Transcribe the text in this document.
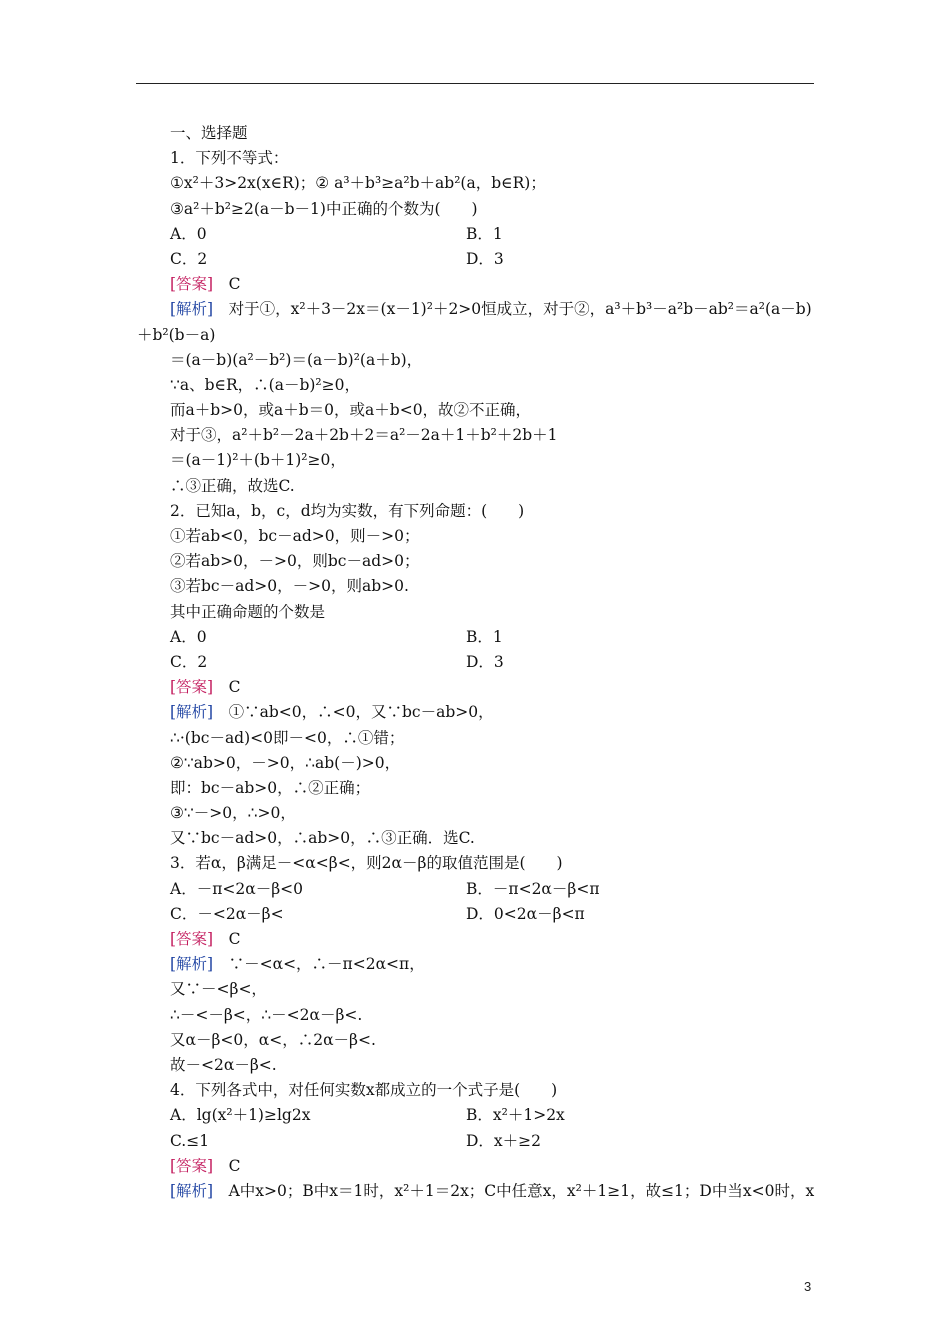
一、选择题
1．下列不等式：
①x²＋3>2x(x∈R)；② a³＋b³≥a²b＋ab²(a，b∈R)；
③a²＋b²≥2(a－b－1)中正确的个数为(　　)
A．0	B．1
C．2	D．3
[答案]　C
[解析]　对于①，x²＋3－2x＝(x－1)²＋2>0恒成立，对于②，a³＋b³－a²b－ab²＝a²(a－b)
＋b²(b－a)
＝(a－b)(a²－b²)＝(a－b)²(a＋b)，
∵a、b∈R，∴(a－b)²≥0，
而a＋b>0，或a＋b＝0，或a＋b<0，故②不正确，
对于③，a²＋b²－2a＋2b＋2＝a²－2a＋1＋b²＋2b＋1
＝(a－1)²＋(b＋1)²≥0，
∴③正确，故选C.
2．已知a，b，c，d均为实数，有下列命题：(　　)
①若ab<0，bc－ad>0，则－>0；
②若ab>0，－>0，则bc－ad>0；
③若bc－ad>0，－>0，则ab>0.
其中正确命题的个数是
A．0	B．1
C．2	D．3
[答案]　C
[解析]　①∵ab<0，∴<0，又∵bc－ab>0，
∴·(bc－ad)<0即－<0，∴①错；
②∵ab>0，－>0，∴ab(－)>0，
即：bc－ab>0，∴②正确；
③∵－>0，∴>0，
又∵bc－ad>0，∴ab>0，∴③正确．选C.
3．若α，β满足－<α<β<，则2α－β的取值范围是(　　)
A．－π<2α－β<0	B．－π<2α－β<π
C．－<2α－β<	D．0<2α－β<π
[答案]　C
[解析]　∵－<α<，∴－π<2α<π，
又∵－<β<，
∴－<－β<，∴－<2α－β<.
又α－β<0，α<，∴2α－β<.
故－<2α－β<.
4．下列各式中，对任何实数x都成立的一个式子是(　　)
A．lg(x²＋1)≥lg2x	B．x²＋1>2x
C.≤1	D．x＋≥2
[答案]　C
[解析]　A中x>0；B中x＝1时，x²＋1＝2x；C中任意x，x²＋1≥1，故≤1；D中当x<0时，x
3
